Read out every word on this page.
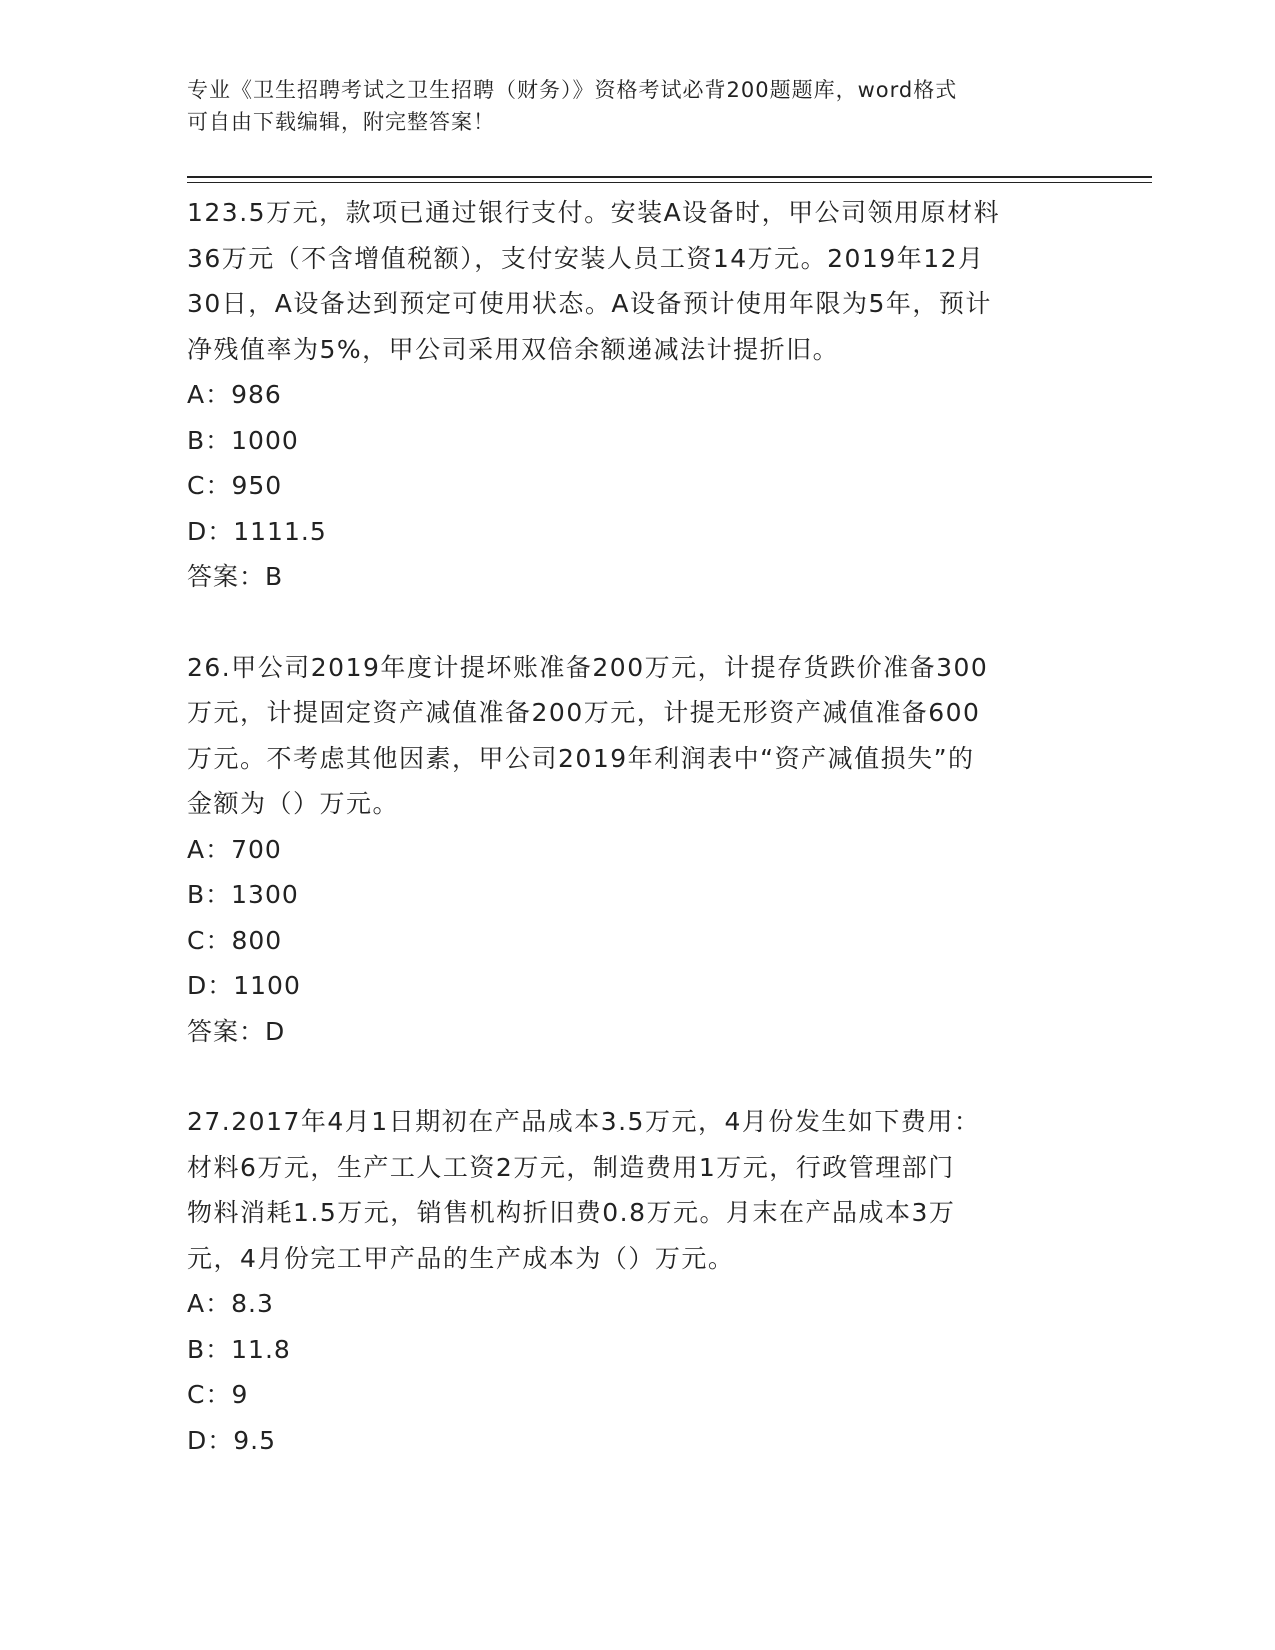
专业《卫生招聘考试之卫生招聘（财务）》资格考试必背200题题库，word格式
可自由下载编辑，附完整答案！

123.5万元，款项已通过银行支付。安装A设备时，甲公司领用原材料

36万元（不含增值税额），支付安装人员工资14万元。2019年12月

30日，A设备达到预定可使用状态。A设备预计使用年限为5年，预计

净残值率为5%，甲公司采用双倍余额递减法计提折旧。

A：986

B：1000

C：950

D：1111.5

答案：B

26.甲公司2019年度计提坏账准备200万元，计提存货跌价准备300

万元，计提固定资产减值准备200万元，计提无形资产减值准备600

万元。不考虑其他因素，甲公司2019年利润表中“资产减值损失”的

金额为（）万元。

A：700

B：1300

C：800

D：1100

答案：D

27.2017年4月1日期初在产品成本3.5万元，4月份发生如下费用：

材料6万元，生产工人工资2万元，制造费用1万元，行政管理部门

物料消耗1.5万元，销售机构折旧费0.8万元。月末在产品成本3万

元，4月份完工甲产品的生产成本为（）万元。

A：8.3

B：11.8

C：9

D：9.5
